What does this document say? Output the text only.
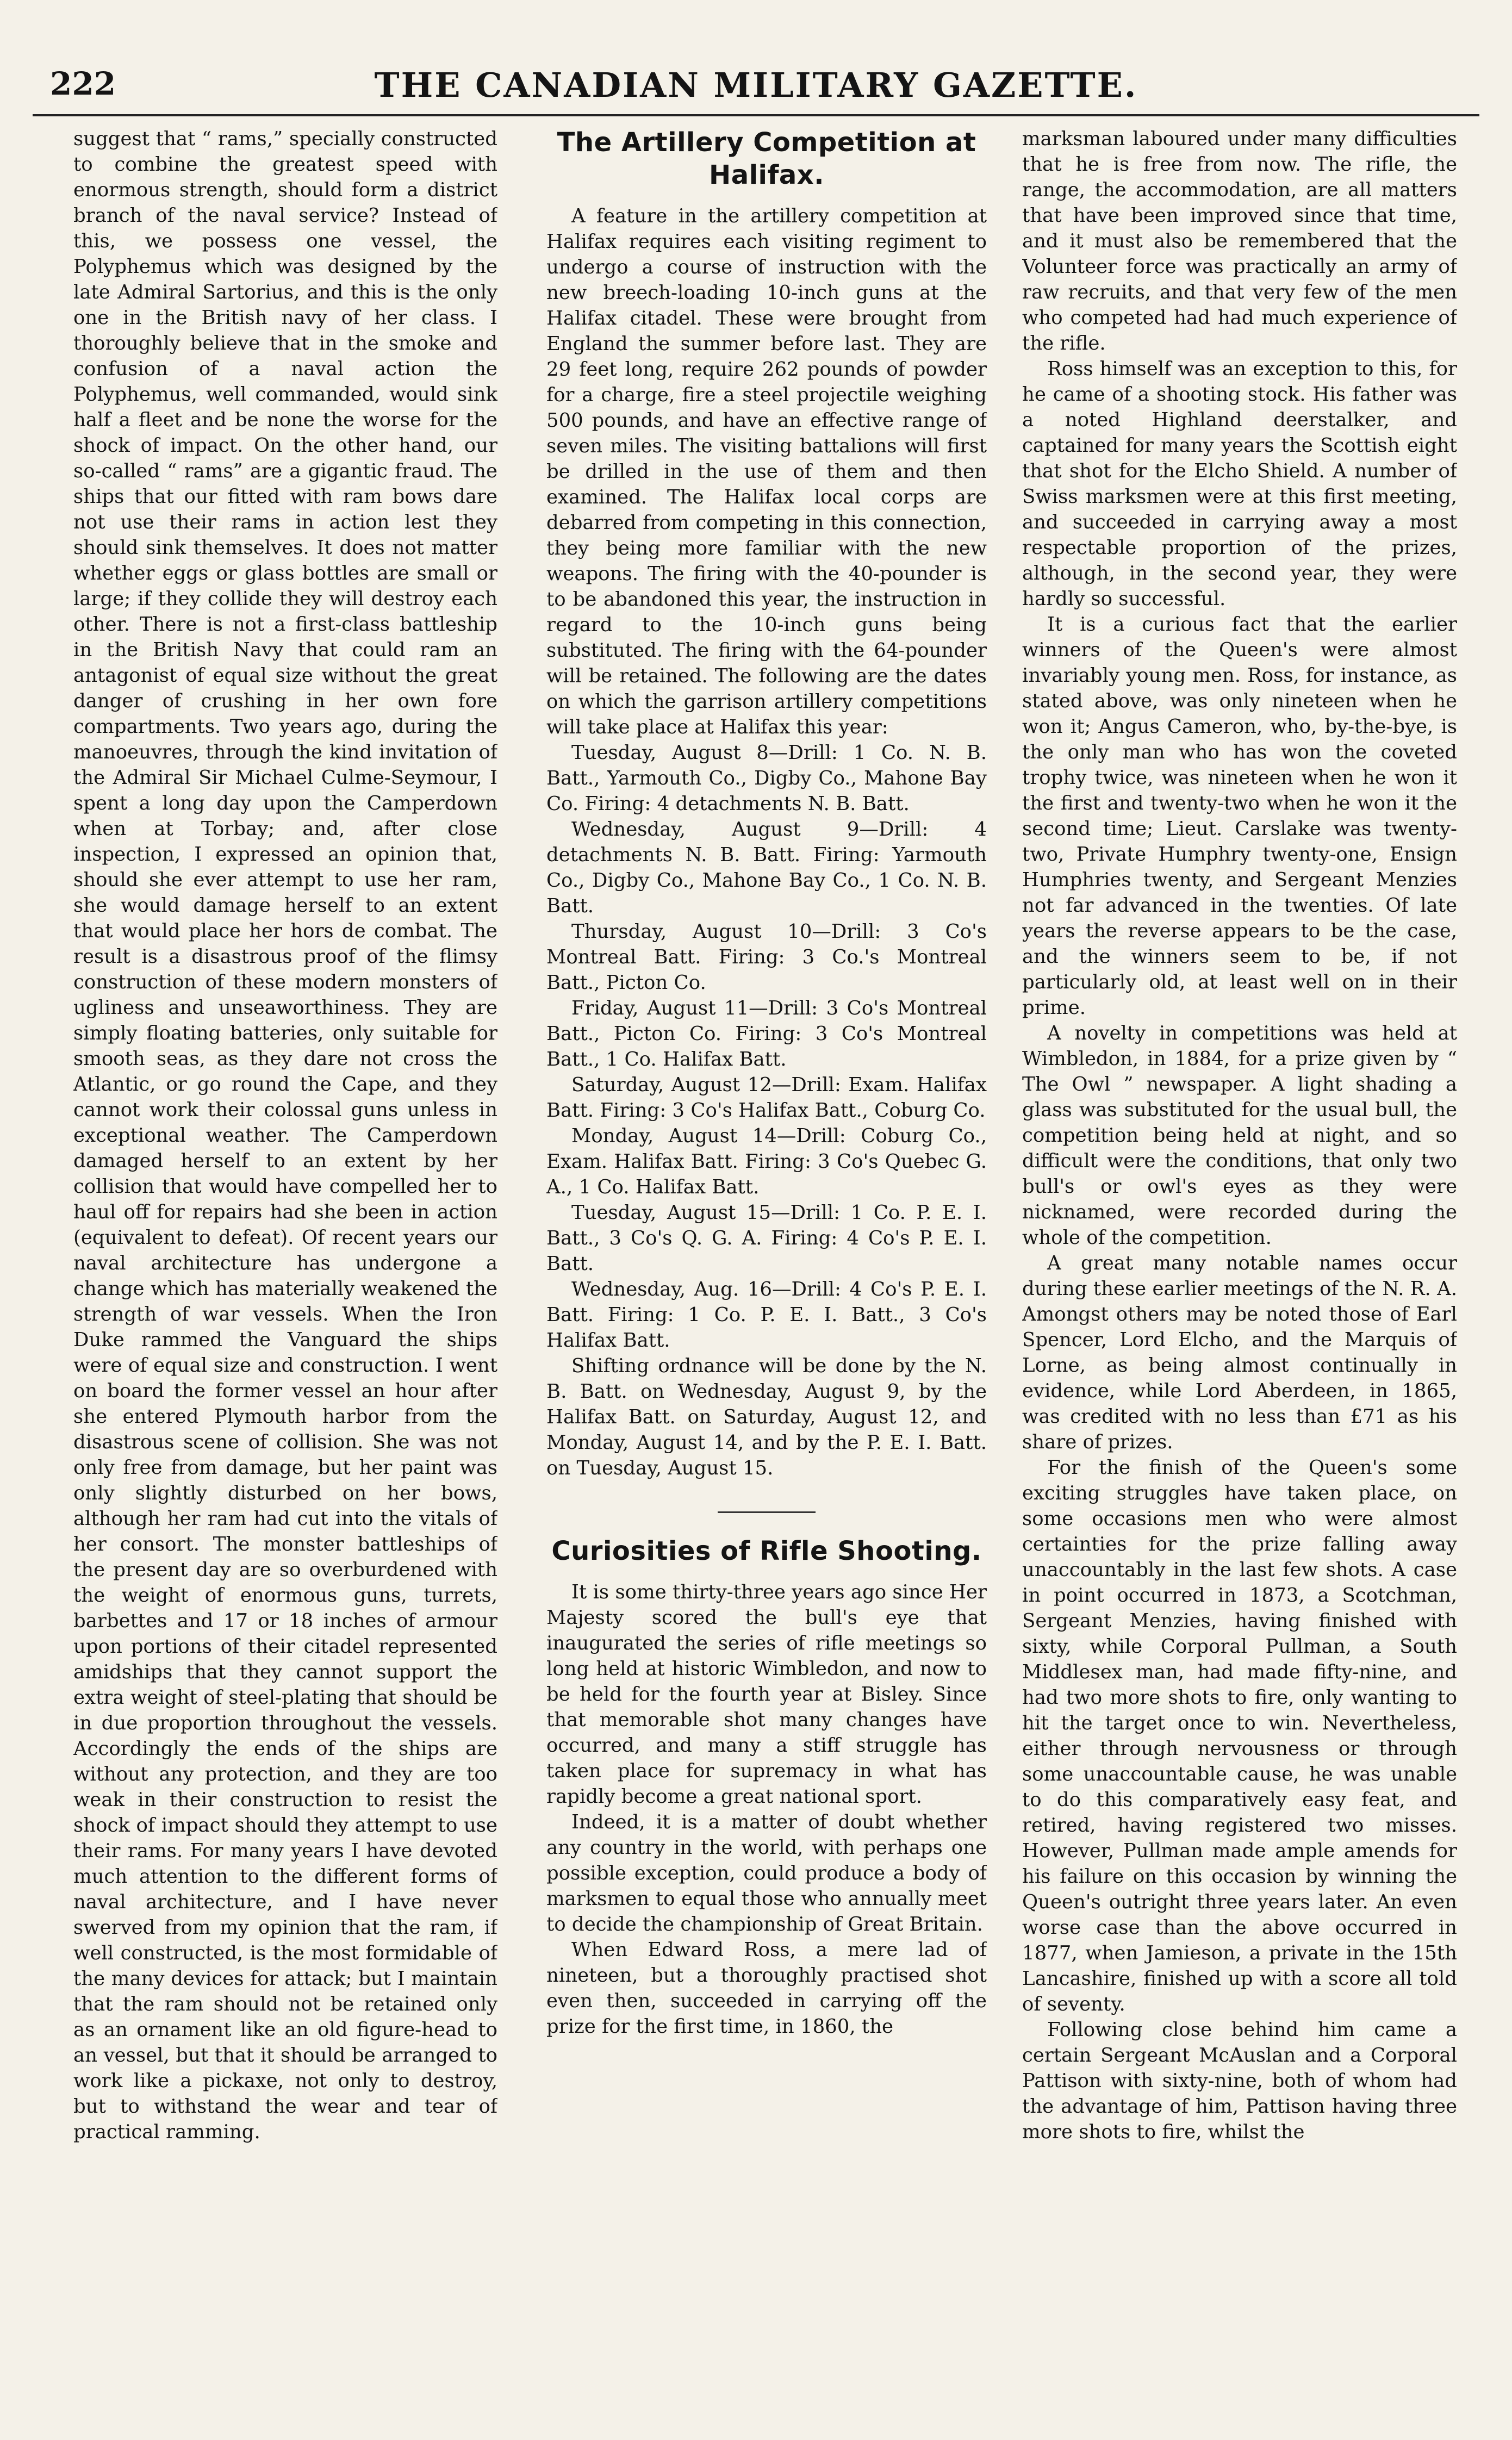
222	THE CANADIAN MILITARY GAZETTE.

suggest that “ rams,” specially constructed to combine the greatest speed with enormous strength, should form a district branch of the naval service? Instead of this, we possess one vessel, the Polyphemus which was designed by the late Admiral Sartorius, and this is the only one in the British navy of her class. I thoroughly believe that in the smoke and confusion of a naval action the Polyphemus, well commanded, would sink half a fleet and be none the worse for the shock of impact. On the other hand, our so-called “ rams” are a gigantic fraud. The ships that our fitted with ram bows dare not use their rams in action lest they should sink themselves. It does not matter whether eggs or glass bottles are small or large; if they collide they will destroy each other. There is not a first-class battleship in the British Navy that could ram an antagonist of equal size without the great danger of crushing in her own fore compartments. Two years ago, during the manoeuvres, through the kind invitation of the Admiral Sir Michael Culme-Seymour, I spent a long day upon the Camperdown when at Torbay; and, after close inspection, I expressed an opinion that, should she ever attempt to use her ram, she would damage herself to an extent that would place her hors de combat. The result is a disastrous proof of the flimsy construction of these modern monsters of ugliness and unseaworthiness. They are simply floating batteries, only suitable for smooth seas, as they dare not cross the Atlantic, or go round the Cape, and they cannot work their colossal guns unless in exceptional weather. The Camperdown damaged herself to an extent by her collision that would have compelled her to haul off for repairs had she been in action (equivalent to defeat). Of recent years our naval architecture has undergone a change which has materially weakened the strength of war vessels. When the Iron Duke rammed the Vanguard the ships were of equal size and construction. I went on board the former vessel an hour after she entered Plymouth harbor from the disastrous scene of collision. She was not only free from damage, but her paint was only slightly disturbed on her bows, although her ram had cut into the vitals of her consort. The monster battleships of the present day are so overburdened with the weight of enormous guns, turrets, barbettes and 17 or 18 inches of armour upon portions of their citadel represented amidships that they cannot support the extra weight of steel-plating that should be in due proportion throughout the vessels. Accordingly the ends of the ships are without any protection, and they are too weak in their construction to resist the shock of impact should they attempt to use their rams. For many years I have devoted much attention to the different forms of naval architecture, and I have never swerved from my opinion that the ram, if well constructed, is the most formidable of the many devices for attack; but I maintain that the ram should not be retained only as an ornament like an old figure-head to an vessel, but that it should be arranged to work like a pickaxe, not only to destroy, but to withstand the wear and tear of practical ramming.

The Artillery Competition at Halifax.

A feature in the artillery competition at Halifax requires each visiting regiment to undergo a course of instruction with the new breech-loading 10-inch guns at the Halifax citadel. These were brought from England the summer before last. They are 29 feet long, require 262 pounds of powder for a charge, fire a steel projectile weighing 500 pounds, and have an effective range of seven miles. The visiting battalions will first be drilled in the use of them and then examined. The Halifax local corps are debarred from competing in this connection, they being more familiar with the new weapons. The firing with the 40-pounder is to be abandoned this year, the instruction in regard to the 10-inch guns being substituted. The firing with the 64-pounder will be retained. The following are the dates on which the garrison artillery competitions will take place at Halifax this year:

Tuesday, August 8—Drill: 1 Co. N. B. Batt., Yarmouth Co., Digby Co., Mahone Bay Co. Firing: 4 detachments N. B. Batt.

Wednesday, August 9—Drill: 4 detachments N. B. Batt. Firing: Yarmouth Co., Digby Co., Mahone Bay Co., 1 Co. N. B. Batt.

Thursday, August 10—Drill: 3 Co's Montreal Batt. Firing: 3 Co.'s Montreal Batt., Picton Co.

Friday, August 11—Drill: 3 Co's Montreal Batt., Picton Co. Firing: 3 Co's Montreal Batt., 1 Co. Halifax Batt.

Saturday, August 12—Drill: Exam. Halifax Batt. Firing: 3 Co's Halifax Batt., Coburg Co.

Monday, August 14—Drill: Coburg Co., Exam. Halifax Batt. Firing: 3 Co's Quebec G. A., 1 Co. Halifax Batt.

Tuesday, August 15—Drill: 1 Co. P. E. I. Batt., 3 Co's Q. G. A. Firing: 4 Co's P. E. I. Batt.

Wednesday, Aug. 16—Drill: 4 Co's P. E. I. Batt. Firing: 1 Co. P. E. I. Batt., 3 Co's Halifax Batt.

Shifting ordnance will be done by the N. B. Batt. on Wednesday, August 9, by the Halifax Batt. on Saturday, August 12, and Monday, August 14, and by the P. E. I. Batt. on Tuesday, August 15.

Curiosities of Rifle Shooting.

It is some thirty-three years ago since Her Majesty scored the bull's eye that inaugurated the series of rifle meetings so long held at historic Wimbledon, and now to be held for the fourth year at Bisley. Since that memorable shot many changes have occurred, and many a stiff struggle has taken place for supremacy in what has rapidly become a great national sport.

Indeed, it is a matter of doubt whether any country in the world, with perhaps one possible exception, could produce a body of marksmen to equal those who annually meet to decide the championship of Great Britain.

When Edward Ross, a mere lad of nineteen, but a thoroughly practised shot even then, succeeded in carrying off the prize for the first time, in 1860, the

marksman laboured under many difficulties that he is free from now. The rifle, the range, the accommodation, are all matters that have been improved since that time, and it must also be remembered that the Volunteer force was practically an army of raw recruits, and that very few of the men who competed had had much experience of the rifle.

Ross himself was an exception to this, for he came of a shooting stock. His father was a noted Highland deerstalker, and captained for many years the Scottish eight that shot for the Elcho Shield. A number of Swiss marksmen were at this first meeting, and succeeded in carrying away a most respectable proportion of the prizes, although, in the second year, they were hardly so successful.

It is a curious fact that the earlier winners of the Queen's were almost invariably young men. Ross, for instance, as stated above, was only nineteen when he won it; Angus Cameron, who, by-the-bye, is the only man who has won the coveted trophy twice, was nineteen when he won it the first and twenty-two when he won it the second time; Lieut. Carslake was twenty-two, Private Humphry twenty-one, Ensign Humphries twenty, and Sergeant Menzies not far advanced in the twenties. Of late years the reverse appears to be the case, and the winners seem to be, if not particularly old, at least well on in their prime.

A novelty in competitions was held at Wimbledon, in 1884, for a prize given by “ The Owl ” newspaper. A light shading a glass was substituted for the usual bull, the competition being held at night, and so difficult were the conditions, that only two bull's or owl's eyes as they were nicknamed, were recorded during the whole of the competition.

A great many notable names occur during these earlier meetings of the N. R. A. Amongst others may be noted those of Earl Spencer, Lord Elcho, and the Marquis of Lorne, as being almost continually in evidence, while Lord Aberdeen, in 1865, was credited with no less than £71 as his share of prizes.

For the finish of the Queen's some exciting struggles have taken place, on some occasions men who were almost certainties for the prize falling away unaccountably in the last few shots. A case in point occurred in 1873, a Scotchman, Sergeant Menzies, having finished with sixty, while Corporal Pullman, a South Middlesex man, had made fifty-nine, and had two more shots to fire, only wanting to hit the target once to win. Nevertheless, either through nervousness or through some unaccountable cause, he was unable to do this comparatively easy feat, and retired, having registered two misses. However, Pullman made ample amends for his failure on this occasion by winning the Queen's outright three years later. An even worse case than the above occurred in 1877, when Jamieson, a private in the 15th Lancashire, finished up with a score all told of seventy.

Following close behind him came a certain Sergeant McAuslan and a Corporal Pattison with sixty-nine, both of whom had the advantage of him, Pattison having three more shots to fire, whilst the
